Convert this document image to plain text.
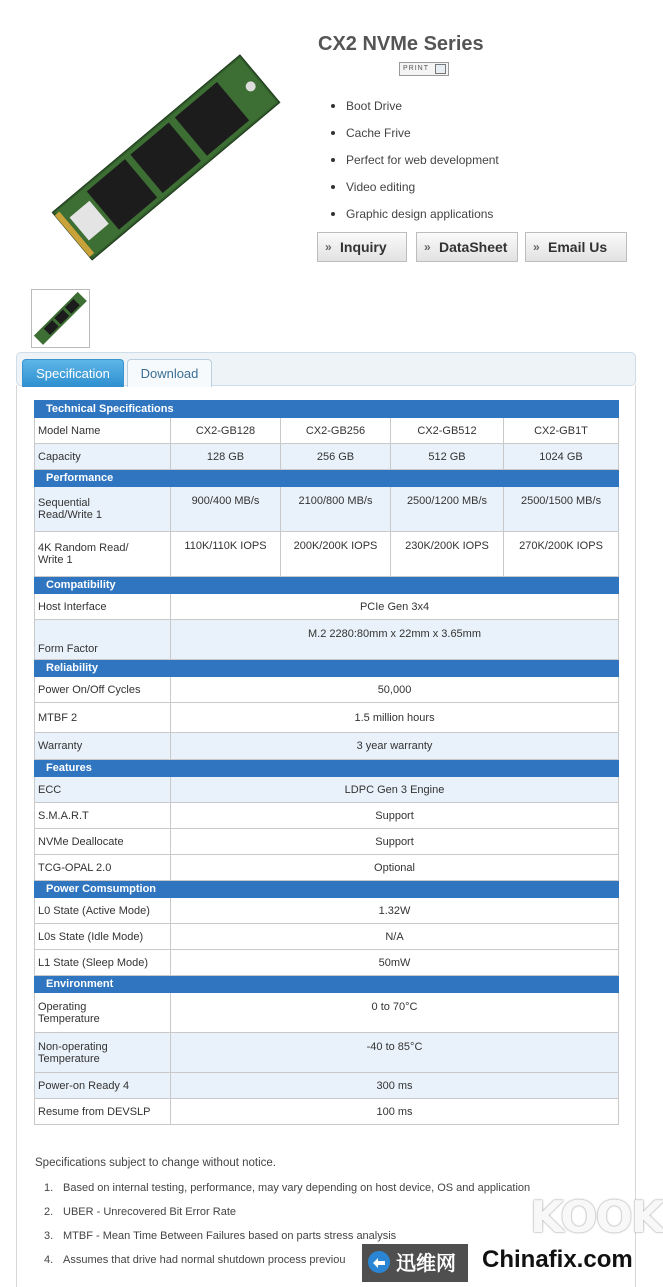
CX2 NVMe Series
PRINT
Boot Drive
Cache Frive
Perfect for web development
Video editing
Graphic design applications
» Inquiry	» DataSheet	» Email Us
Specification	Download
Technical Specifications				
Model Name	CX2-GB128	CX2-GB256	CX2-GB512	CX2-GB1T
Capacity	128 GB	256 GB	512 GB	1024 GB
Performance				
Sequential
Read/Write 1	900/400 MB/s	2100/800 MB/s	2500/1200 MB/s	2500/1500 MB/s
4K Random Read/
Write 1	110K/110K IOPS	200K/200K IOPS	230K/200K IOPS	270K/200K IOPS
Compatibility				
Host Interface	PCIe Gen 3x4			
Form Factor	M.2 2280:80mm x 22mm x 3.65mm			
Reliability				
Power On/Off Cycles	50,000			
MTBF 2	1.5 million hours			
Warranty	3 year warranty			
Features				
ECC	LDPC Gen 3 Engine			
S.M.A.R.T	Support			
NVMe Deallocate	Support			
TCG-OPAL 2.0	Optional			
Power Comsumption				
L0 State (Active Mode)	1.32W			
L0s State (Idle Mode)	N/A			
L1 State (Sleep Mode)	50mW			
Environment				
Operating
Temperature	0 to 70°C			
Non-operating
Temperature	-40 to 85°C			
Power-on Ready 4	300 ms			
Resume from DEVSLP	100 ms			
Specifications subject to change without notice.
1. Based on internal testing, performance, may vary depending on host device, OS and application
2. UBER - Unrecovered Bit Error Rate
3. MTBF - Mean Time Between Failures based on parts stress analysis
4. Assumes that drive had normal shutdown process previou
KOOK
迅维网	Chinafix.com
